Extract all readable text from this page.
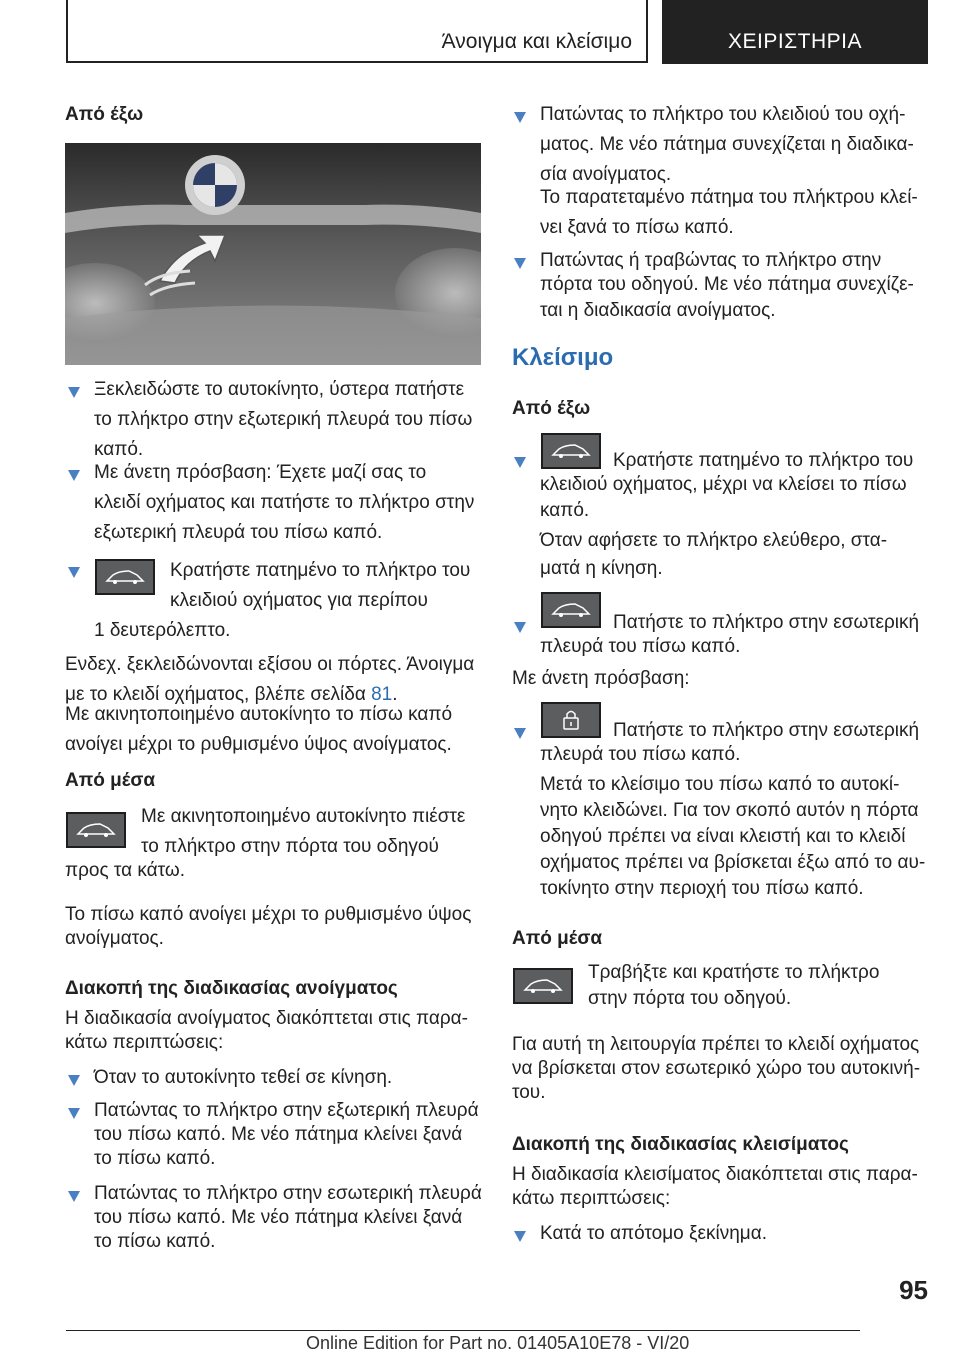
Άνοιγμα και κλείσιμο	ΧΕΙΡΙΣΤΗΡΙΑ
Από έξω
Ξεκλειδώστε το αυτοκίνητο, ύστερα πατήστε
το πλήκτρο στην εξωτερική πλευρά του πίσω
καπό.
Με άνετη πρόσβαση: Έχετε μαζί σας το
κλειδί οχήματος και πατήστε το πλήκτρο στην
εξωτερική πλευρά του πίσω καπό.
Κρατήστε πατημένο το πλήκτρο του
κλειδιού οχήματος για περίπου
1 δευτερόλεπτο.
Ενδεχ. ξεκλειδώνονται εξίσου οι πόρτες. Άνοιγμα
με το κλειδί οχήματος, βλέπε σελίδα 81.
Με ακινητοποιημένο αυτοκίνητο το πίσω καπό
ανοίγει μέχρι το ρυθμισμένο ύψος ανοίγματος.
Από μέσα
Με ακινητοποιημένο αυτοκίνητο πιέστε
το πλήκτρο στην πόρτα του οδηγού
προς τα κάτω.
Το πίσω καπό ανοίγει μέχρι το ρυθμισμένο ύψος
ανοίγματος.
Διακοπή της διαδικασίας ανοίγματος
Η διαδικασία ανοίγματος διακόπτεται στις παρα-
κάτω περιπτώσεις:
Όταν το αυτοκίνητο τεθεί σε κίνηση.
Πατώντας το πλήκτρο στην εξωτερική πλευρά
του πίσω καπό. Με νέο πάτημα κλείνει ξανά
το πίσω καπό.
Πατώντας το πλήκτρο στην εσωτερική πλευρά
του πίσω καπό. Με νέο πάτημα κλείνει ξανά
το πίσω καπό.
Πατώντας το πλήκτρο του κλειδιού του οχή-
ματος. Με νέο πάτημα συνεχίζεται η διαδικα-
σία ανοίγματος.
Το παρατεταμένο πάτημα του πλήκτρου κλεί-
νει ξανά το πίσω καπό.
Πατώντας ή τραβώντας το πλήκτρο στην
πόρτα του οδηγού. Με νέο πάτημα συνεχίζε-
ται η διαδικασία ανοίγματος.
Κλείσιμο
Από έξω
Κρατήστε πατημένο το πλήκτρο του
κλειδιού οχήματος, μέχρι να κλείσει το πίσω
καπό.
Όταν αφήσετε το πλήκτρο ελεύθερο, στα-
ματά η κίνηση.
Πατήστε το πλήκτρο στην εσωτερική
πλευρά του πίσω καπό.
Με άνετη πρόσβαση:
Πατήστε το πλήκτρο στην εσωτερική
πλευρά του πίσω καπό.
Μετά το κλείσιμο του πίσω καπό το αυτοκί-
νητο κλειδώνει. Για τον σκοπό αυτόν η πόρτα
οδηγού πρέπει να είναι κλειστή και το κλειδί
οχήματος πρέπει να βρίσκεται έξω από το αυ-
τοκίνητο στην περιοχή του πίσω καπό.
Από μέσα
Τραβήξτε και κρατήστε το πλήκτρο
στην πόρτα του οδηγού.
Για αυτή τη λειτουργία πρέπει το κλειδί οχήματος
να βρίσκεται στον εσωτερικό χώρο του αυτοκινή-
του.
Διακοπή της διαδικασίας κλεισίματος
Η διαδικασία κλεισίματος διακόπτεται στις παρα-
κάτω περιπτώσεις:
Κατά το απότομο ξεκίνημα.
95
Online Edition for Part no. 01405A10E78 - VI/20
